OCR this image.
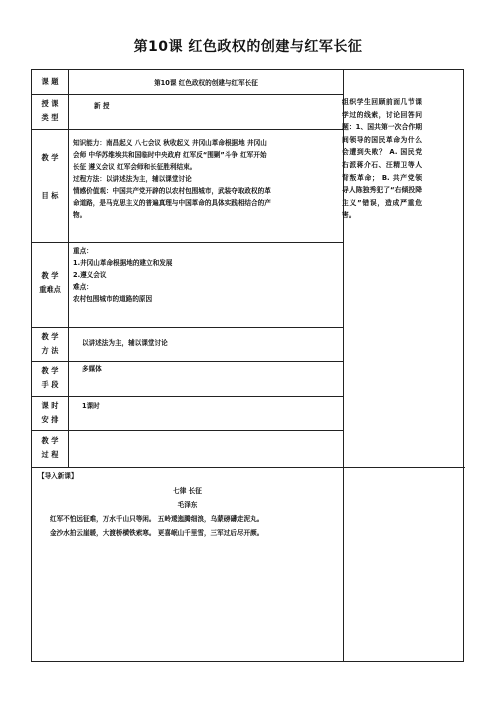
第10课 红色政权的创建与红军长征
课 题	第10课 红色政权的创建与红军长征
授 课
类 型
新 授
教 学
目 标
知识能力：南昌起义 八七会议 秋收起义 井冈山革命根据地 井冈山
会师 中华苏维埃共和国临时中央政府 红军反“围剿”斗争 红军开始
长征 遵义会议 红军会师和长征胜利结束。
过程方法：以讲述法为主，辅以课堂讨论
情感价值观：中国共产党开辟的以农村包围城市，武装夺取政权的革
命道路，是马克思主义的普遍真理与中国革命的具体实践相结合的产
物。
教 学
重难点
重点：
1.井冈山革命根据地的建立和发展
2.遵义会议
难点：
农村包围城市的道路的原因
教 学
方 法
以讲述法为主，辅以课堂讨论
教 学
手 段
多媒体
课 时
安 排
1课时
教 学
过 程
【导入新课】
七律 长征
毛泽东
红军不怕远征难，万水千山只等闲。 五岭逶迤腾细浪，乌蒙磅礴走泥丸。
金沙水拍云崖暖，大渡桥横铁索寒。 更喜岷山千里雪，三军过后尽开颜。
组织学生回顾前面几节课学过的线索，讨论回答问题：1、国共第一次合作期间领导的国民革命为什么会遭到失败？ A. 国民党右派蒋介石、汪精卫等人背叛革命； B. 共产党领导人陈独秀犯了“右倾投降主义”错误，造成严重危害。
